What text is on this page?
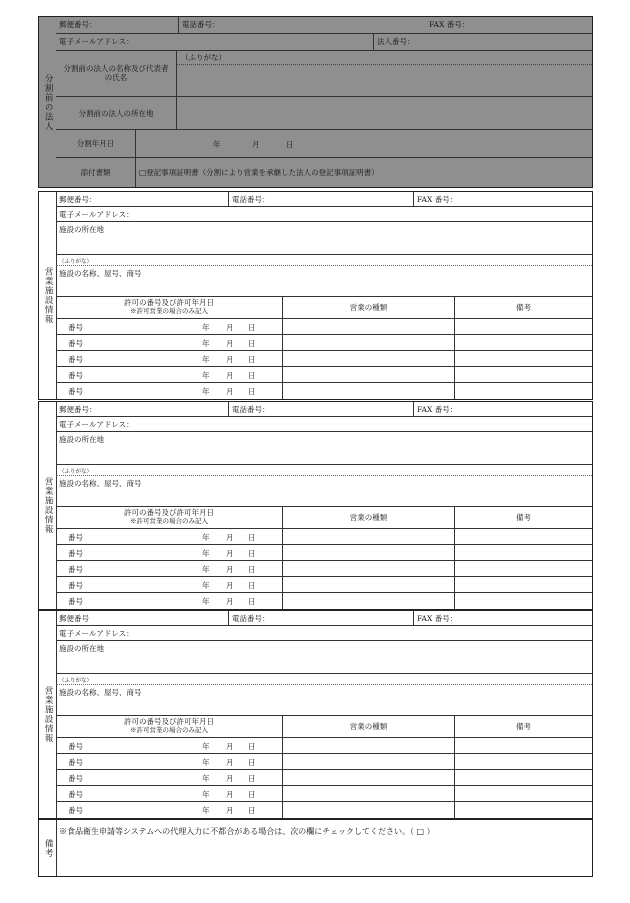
分割前の法人
郵便番号：	電話番号：	FAX 番号：
電子メールアドレス：	法人番号：
分割前の法人の名称及び代表者の氏名
（ふりがな）
分割前の法人の所在地
分割年月日	年	月	日
添付書類	□登記事項証明書（分割により営業を承継した法人の登記事項証明書）
営業施設情報
郵便番号：	電話番号：	FAX 番号：
電子メールアドレス：
施設の所在地
（ふりがな）
施設の名称、屋号、商号
許可の番号及び許可年月日
※許可営業の場合のみ記入	営業の種類	備考
番号	年 月 日
番号	年 月 日
番号	年 月 日
番号	年 月 日
番号	年 月 日
営業施設情報
郵便番号：	電話番号：	FAX 番号：
電子メールアドレス：
施設の所在地
（ふりがな）
施設の名称、屋号、商号
許可の番号及び許可年月日
※許可営業の場合のみ記入	営業の種類	備考
番号	年 月 日
番号	年 月 日
番号	年 月 日
番号	年 月 日
番号	年 月 日
営業施設情報
郵便番号	電話番号：	FAX 番号：
電子メールアドレス：
施設の所在地
（ふりがな）
施設の名称、屋号、商号
許可の番号及び許可年月日
※許可営業の場合のみ記入	営業の種類	備考
番号	年 月 日
番号	年 月 日
番号	年 月 日
番号	年 月 日
番号	年 月 日
備考
※食品衛生申請等システムへの代理入力に不都合がある場合は、次の欄にチェックしてください。（ □ ）
